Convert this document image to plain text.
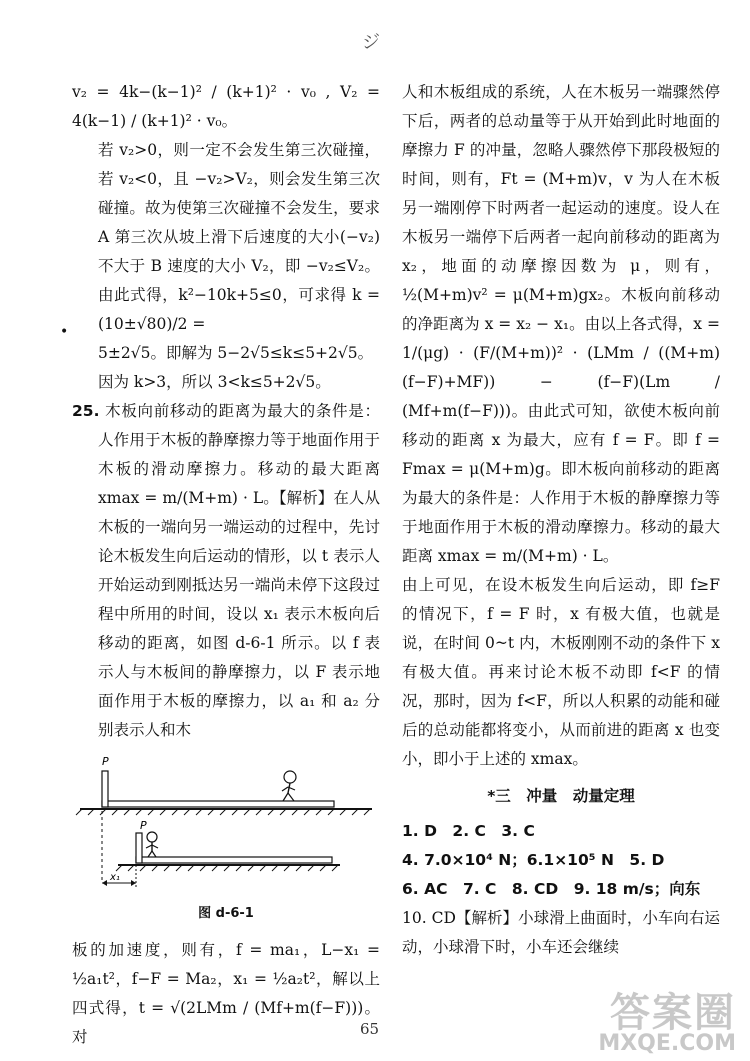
ジ

v₂ = 4k−(k−1)² / (k+1)² · v₀ , V₂ = 4(k−1) / (k+1)² · v₀。

若 v₂>0，则一定不会发生第三次碰撞，若 v₂<0，且 −v₂>V₂，则会发生第三次碰撞。故为使第三次碰撞不会发生，要求 A 第三次从坡上滑下后速度的大小(−v₂)不大于 B 速度的大小 V₂，即 −v₂≤V₂。由此式得，k²−10k+5≤0，可求得 k = (10±√80)/2 =

5±2√5。即解为 5−2√5≤k≤5+2√5。

因为 k>3，所以 3<k≤5+2√5。

25. 木板向前移动的距离为最大的条件是：人作用于木板的静摩擦力等于地面作用于木板的滑动摩擦力。移动的最大距离 xmax = m/(M+m) · L。【解析】在人从木板的一端向另一端运动的过程中，先讨论木板发生向后运动的情形，以 t 表示人开始运动到刚抵达另一端尚未停下这段过程中所用的时间，设以 x₁ 表示木板向后移动的距离，如图 d-6-1 所示。以 f 表示人与木板间的静摩擦力，以 F 表示地面作用于木板的摩擦力，以 a₁ 和 a₂ 分别表示人和木

P
P
x₁
图 d-6-1

板的加速度，则有，f = ma₁，L−x₁ = ½a₁t²，f−F = Ma₂，x₁ = ½a₂t²，解以上四式得，t = √(2LMm / (Mf+m(f−F)))。对

•

人和木板组成的系统，人在木板另一端骤然停下后，两者的总动量等于从开始到此时地面的摩擦力 F 的冲量，忽略人骤然停下那段极短的时间，则有，Ft = (M+m)v，v 为人在木板另一端刚停下时两者一起运动的速度。设人在木板另一端停下后两者一起向前移动的距离为 x₂，地面的动摩擦因数为 μ，则有，½(M+m)v² = μ(M+m)gx₂。木板向前移动的净距离为 x = x₂ − x₁。由以上各式得，x = 1/(μg) · (F/(M+m))² · (LMm / ((M+m)(f−F)+MF)) − (f−F)(Lm / (Mf+m(f−F)))。由此式可知，欲使木板向前移动的距离 x 为最大，应有 f = F。即 f = Fmax = μ(M+m)g。即木板向前移动的距离为最大的条件是：人作用于木板的静摩擦力等于地面作用于木板的滑动摩擦力。移动的最大距离 xmax = m/(M+m) · L。

由上可见，在设木板发生向后运动，即 f≥F 的情况下，f = F 时，x 有极大值，也就是说，在时间 0~t 内，木板刚刚不动的条件下 x 有极大值。再来讨论木板不动即 f<F 的情况，那时，因为 f<F，所以人积累的动能和碰后的总动能都将变小，从而前进的距离 x 也变小，即小于上述的 xmax。

*三　冲量　动量定理

1. D　2. C　3. C

4. 7.0×10⁴ N；6.1×10⁵ N　5. D

6. AC　7. C　8. CD　9. 18 m/s；向东

10. CD【解析】小球滑上曲面时，小车向右运动，小球滑下时，小车还会继续

65	答案圈
MXQE.COM
